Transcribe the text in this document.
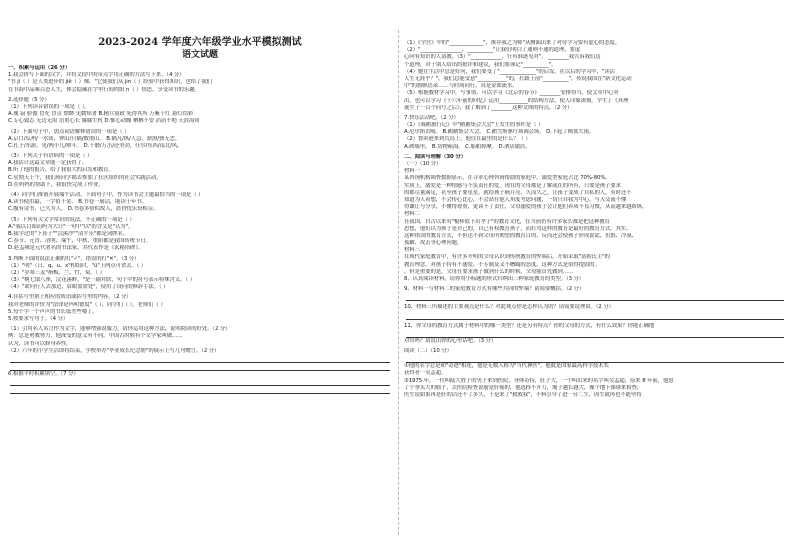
2023-2024 学年度六年级学业水平模拟测试
语文试题
一、积累与运用（26 分）
1.我会拼写下面的汉字，并将文段中的带点字用正确的方法写下来。（4 分）
"书 ji（ ）是人类进步的 jiē（ ）梯。"它使我们从 jìn（ ）经验中获得知识，也给了我们
在书海中品味百态人生，体会隐藏在字里行间的组 n（ ）情思，享受读书的乐趣。
2.选择题（5 分）
（1）下列读音错误的一项是（ ）。
A.瑰 寂 骄傲 冒充 冒贡 缥缈 见微知著 B.精兵简政 死得其所 万紫千红 悬灯结彩
C.专心致志 无边无垠 语重心长 膝膝生机 D.惟心动魄 栖栖不安 滔滔不绝 天涯海角
（2）下面句子中，加点词语解释错误的一项是（ ）
A.京口/瓜州/一水间，钟山/只隔/数重山。 B.隔凡/纵/人急，潦潦/独无恙。
C.孔子/东游，见/两小儿/辩斗。 D.千磨/万击/还坚劲，任尔/东西/南北/风。
（3）下列关于有语病的一项是（ ）
A.我估计这篇文章能一定获得了。
B.听了他的报告，给了我很大的启发和教育。
C.星期天上午，我们班同学都去参加了社区组织的社会实践活动。
D.在妈妈的帮助下，我很快完成了作业。
（4）同学们准备开展端午活动，下面句子中，作为读书会主题最恰当的一项是（ ）
A.读书使用最，一字值千金。 B.书卷一展话，能读十年书。
C.腹有诗书，已久为人。 D.书卷多情似故人，晨昏忧乐每相亲。
（5）下列有关文学常识的说法，不正确的一项是（ ）
A."我以目始而吗为大日"一句中"以"的含义是"认为"。
B.我学过的"卜算子""浣溪沙""清平乐"都是词牌名。
C.春节、元宵、清明、端午、中秋、重阳都是我国传统节日。
D.赵孟频是元代著名的书法家，其代表作是《玄秘塔碑》。
3.判断下面的说法正确的打"✓"，错误的打"✕"。（3 分）
（1）"明"（日、q、u、x"相组时，"ü"上两点可省去。（ ）
（2）"岁寒三友"指梅、兰、竹、菊。（ ）
（3）"桃七取八厘，浣花溪畔，"是一副对联，句子中的符号表示特殊含义。（ ）
（4）"欲问行人去那边，眉眼盈盈处"，使用了设问的修辞手法。（ ）
4.在括号里填上相应的成语或括号里的内容。（2 分）
我对老师的评价为"法律是玛明德度"（ ），同学们（ ），老师们（ ）
5.每个学一个声声的书长低差些喽了。
5.按要求写句子。（4 分）
（1）引用名人名言作为文字，能够增强说服力。请你运用这种方法，说明阅读的好处。（2 分）
例：总是勇教努力，他深受的意义有不同。中国古时候有个文学家叫做……
认为，读书可以修身养性。
（2）六年的小学生活即将结束，学校举办"毕业成长纪念册"的展示上写几句赠言。（2 分）
6.根据平时积累填空。（7 分）
（1）《学宫》中的"_____________"，推荐我之为师"从侧面出来了对待学习要有虚心的态度。
（2）"________________，__________"让我们明白了通则不通的道理，要虚
心向有知识的人请教。（3）"____________，行有谁逐见对"。 ________我告诉我们这
个道理，对于别人给出的批评和建议，我们要谨记"__________"。
（4）她在生活中总是好问，我们要受了"______________"的启发，在以后的学习中，"读活
人生无涯乎？"，我们总能受意"___________"的，打跟上前"__________"，传说我国在"新文化运动
中"的旗帜语录……与时间同行，真是金如流水。
（5）根据教材学习中，写事情，可以学习《北京的春节》________安排得当，使文章中心突
出，也可以学习《十六年前的回忆》运用___________的结构方法，使人印象深刻。学生了《真理
诞生于一百个问号之后》，我了解到了________这种文体的特点。（2 分）
7.快乐活动吧。（2 分）
（1）《骑鹅旅行记》中"鹅鹅集会大会"上发生的事件是（ ）
A.尼尔斯去喝。 B.鹅鹅集会大会。 C.鹅雪斯驱疗场调会场。 D.下起了倾盆大雨。
（2）鲁滨逊来到荒岛上，他住在最里的是什么？（ ）
A.碑墙里。 B.货物箱海。 C.船舶掉摩。 D.酒店旅店。
二、阅读与理解（30 分）
（一）（10 分）
材料一
某咨询机构调查数据显示，在寻求心理咨询帮助的家庭中，溺爱型家庭占比 70%-80%。
实质上，溺爱是一种情感与不负责任的爱，现在的父母都是了解或在的所有，只要是孩子要求
的都尽量满足，甚至孩子要星星，就给孩子摘月亮，久而久之，让孩子变成了自私的人，有时还不
知道为人着想，不会传心比心，不会站在他人角度考虑问题，一切只自我为中心，与人交流不懂
得谦让与分享，不懂得尊重，更谈不了责任，父母溺爱的孩子会让他们养成不良习惯，从而越来越娇纵。
材料二
在我国，自古以来有"棍棒底下出孝子"的教育文化，在当前仍有许多家长都是把这种教育
思想，他们以为孩子是自己的，自己有权教育孩子，而打骂这样的教育是最好的教育方式。其实，
这种错误的教育方式，不但达不到父母所期望的教育目的，反而还会使孩子形成说谎、仇恨、冷漠、
孤僻、攻击等心理问题。
材料三
在现代家庭教育中，有许多开明的父母认识到传统教育的弊端后，开始采取"富勒氏主"的
教育理念，对孩子持有不溺爱、不专制及又不糟蹋的态度，这种方式是值得提倡的。
，但是重要的是，父母在要求孩子做到什么的时候，父母能首先做到……
8、认真阅读材料，请你用小标题的形式归纳出三种家庭教育的类型。（3 分）
9、材料一与材料二的家庭教育方式有哪些共同的弊端？请简要概括。（2 分）
10、材料三所描述的主要观点是什么？对此观点你是怎样认为的？请简要说理由。（2 分）
11、你父母的教育方式属于材料中的哪一类型？还是另有特点？你的父母的方式，有什么效果？你能正确地
对待吗？请说出你的心里话吧。（3 分）
阅读（二）（10 分）
①他的名字总是和"奇迹"相连，他是无数人称为"当代神医"。他就是国家最高科学技术奖
获得者一吴孟超。
②1975 年，一位叫陆大胜子的男子来到医院，身体奇特，肚子大，一个叫出来的名字叫吴孟超，原来 8 年前，他患
了个拳头大的瘤子，去医院检查说瘤是肝癌的，他选择不开刀，瘤子越长越大，像个地下图球来检查，
医生说如果再是肝的话还不了多久，于是来了"救救我"，不料引导了进一台二生，因生就再也不能坚持
